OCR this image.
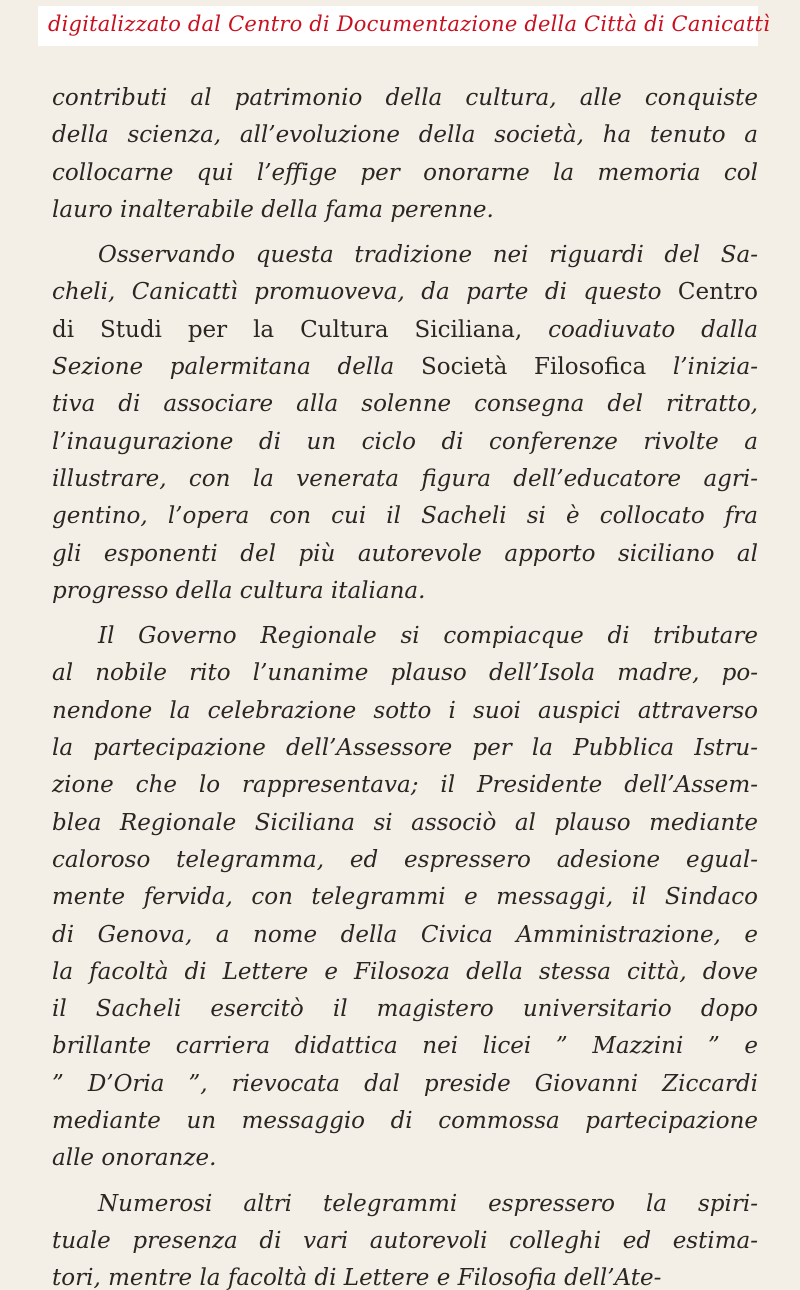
digitalizzato dal Centro di Documentazione della Città di Canicattì
contributi al patrimonio della cultura, alle conquiste
della scienza, all’evoluzione della società, ha tenuto a
collocarne qui l’effige per onorarne la memoria col
lauro inalterabile della fama perenne.
Osservando questa tradizione nei riguardi del Sa-
cheli, Canicattì promuoveva, da parte di questo Centro
di Studi per la Cultura Siciliana, coadiuvato dalla
Sezione palermitana della Società Filosofica l’inizia-
tiva di associare alla solenne consegna del ritratto,
l’inaugurazione di un ciclo di conferenze rivolte a
illustrare, con la venerata figura dell’educatore agri-
gentino, l’opera con cui il Sacheli si è collocato fra
gli esponenti del più autorevole apporto siciliano al
progresso della cultura italiana.
Il Governo Regionale si compiacque di tributare
al nobile rito l’unanime plauso dell’Isola madre, po-
nendone la celebrazione sotto i suoi auspici attraverso
la partecipazione dell’Assessore per la Pubblica Istru-
zione che lo rappresentava; il Presidente dell’Assem-
blea Regionale Siciliana si associò al plauso mediante
caloroso telegramma, ed espressero adesione egual-
mente fervida, con telegrammi e messaggi, il Sindaco
di Genova, a nome della Civica Amministrazione, e
la facoltà di Lettere e Filosoza della stessa città, dove
il Sacheli esercitò il magistero universitario dopo
brillante carriera didattica nei licei ” Mazzini ” e
” D’Oria ”, rievocata dal preside Giovanni Ziccardi
mediante un messaggio di commossa partecipazione
alle onoranze.
Numerosi altri telegrammi espressero la spiri-
tuale presenza di vari autorevoli colleghi ed estima-
tori, mentre la facoltà di Lettere e Filosofia dell’Ate-
